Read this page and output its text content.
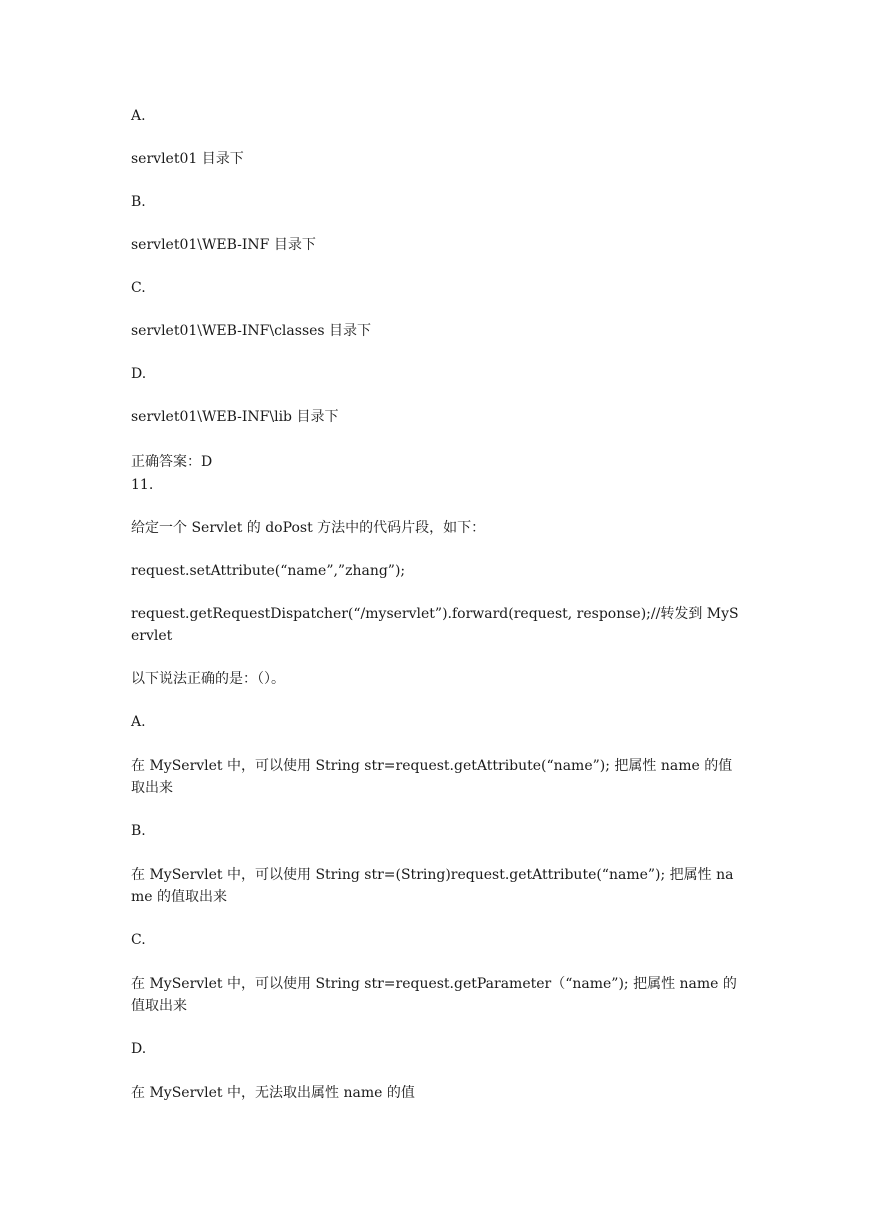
A.
servlet01 目录下
B.
servlet01\WEB-INF 目录下
C.
servlet01\WEB-INF\classes 目录下
D.
servlet01\WEB-INF\lib 目录下
正确答案：D
11.
给定一个 Servlet 的 doPost 方法中的代码片段，如下：
request.setAttribute(“name”,”zhang”);
request.getRequestDispatcher(“/myservlet”).forward(request, response);//转发到 MyServlet
以下说法正确的是：（）。
A.
在 MyServlet 中，可以使用 String str=request.getAttribute(“name”); 把属性 name 的值取出来
B.
在 MyServlet 中，可以使用 String str=(String)request.getAttribute(“name”); 把属性 name 的值取出来
C.
在 MyServlet 中，可以使用 String str=request.getParameter（“name”); 把属性 name 的值取出来
D.
在 MyServlet 中，无法取出属性 name 的值
